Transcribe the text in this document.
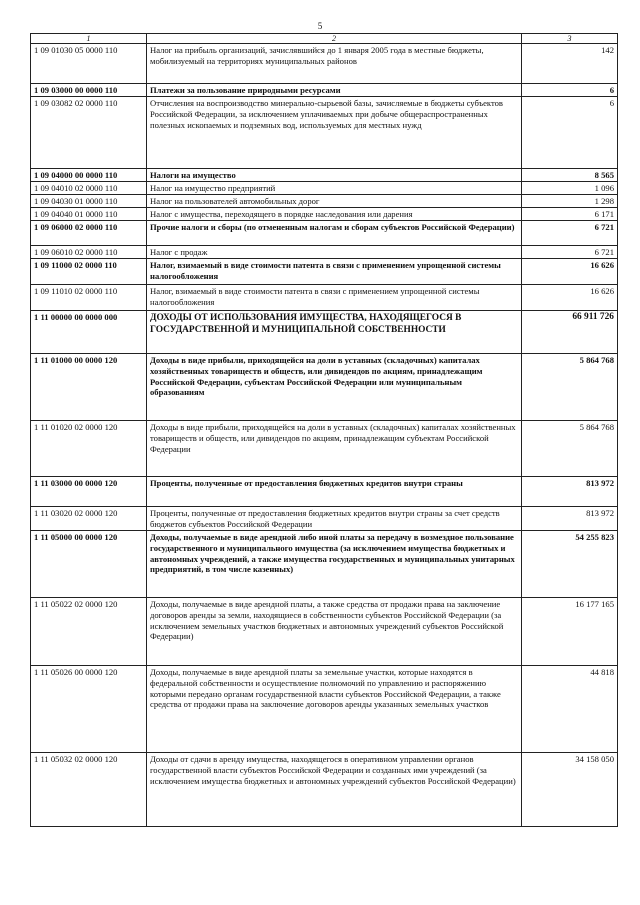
5
1	2	3
1 09 01030 05 0000 110	Налог на прибыль организаций, зачислявшийся до 1 января 2005 года в местные бюджеты, мобилизуемый на территориях муниципальных районов	142
1 09 03000 00 0000 110	Платежи за пользование природными ресурсами	6
1 09 03082 02 0000 110	Отчисления на воспроизводство минерально-сырьевой базы, зачисляемые в бюджеты субъектов Российской Федерации, за исключением уплачиваемых при добыче общераспространенных полезных ископаемых и подземных вод, используемых для местных нужд	6
1 09 04000 00 0000 110	Налоги на имущество	8 565
1 09 04010 02 0000 110	Налог на имущество предприятий	1 096
1 09 04030 01 0000 110	Налог на пользователей автомобильных дорог	1 298
1 09 04040 01 0000 110	Налог с имущества, переходящего в порядке наследования или дарения	6 171
1 09 06000 02 0000 110	Прочие налоги и сборы (по отмененным налогам и сборам субъектов Российской Федерации)	6 721
1 09 06010 02 0000 110	Налог с продаж	6 721
1 09 11000 02 0000 110	Налог, взимаемый в виде стоимости патента в связи с применением упрощенной системы налогообложения	16 626
1 09 11010 02 0000 110	Налог, взимаемый в виде стоимости патента в связи с применением упрощенной системы налогообложения	16 626
1 11 00000 00 0000 000	ДОХОДЫ ОТ ИСПОЛЬЗОВАНИЯ ИМУЩЕСТВА, НАХОДЯЩЕГОСЯ В ГОСУДАРСТВЕННОЙ И МУНИЦИПАЛЬНОЙ СОБСТВЕННОСТИ	66 911 726
1 11 01000 00 0000 120	Доходы в виде прибыли, приходящейся на доли в уставных (складочных) капиталах хозяйственных товариществ и обществ, или дивидендов по акциям, принадлежащим Российской Федерации, субъектам Российской Федерации или муниципальным образованиям	5 864 768
1 11 01020 02 0000 120	Доходы в виде прибыли, приходящейся на доли в уставных (складочных) капиталах хозяйственных товариществ и обществ, или дивидендов по акциям, принадлежащим субъектам Российской Федерации	5 864 768
1 11 03000 00 0000 120	Проценты, полученные от предоставления бюджетных кредитов внутри страны	813 972
1 11 03020 02 0000 120	Проценты, полученные от предоставления бюджетных кредитов внутри страны за счет средств бюджетов субъектов Российской Федерации	813 972
1 11 05000 00 0000 120	Доходы, получаемые в виде арендной либо иной платы за передачу в возмездное пользование государственного и муниципального имущества (за исключением имущества бюджетных и автономных учреждений, а также имущества государственных и муниципальных унитарных предприятий, в том числе казенных)	54 255 823
1 11 05022 02 0000 120	Доходы, получаемые в виде арендной платы, а также средства от продажи права на заключение договоров аренды за земли, находящиеся в собственности субъектов Российской Федерации (за исключением земельных участков бюджетных и автономных учреждений субъектов Российской Федерации)	16 177 165
1 11 05026 00 0000 120	Доходы, получаемые в виде арендной платы за земельные участки, которые находятся в федеральной собственности и осуществление полномочий по управлению и распоряжению которыми передано органам государственной власти субъектов Российской Федерации, а также средства от продажи права на заключение договоров аренды указанных земельных участков	44 818
1 11 05032 02 0000 120	Доходы от сдачи в аренду имущества, находящегося в оперативном управлении органов государственной власти субъектов Российской Федерации и созданных ими учреждений (за исключением имущества бюджетных и автономных учреждений субъектов Российской Федерации)	34 158 050
